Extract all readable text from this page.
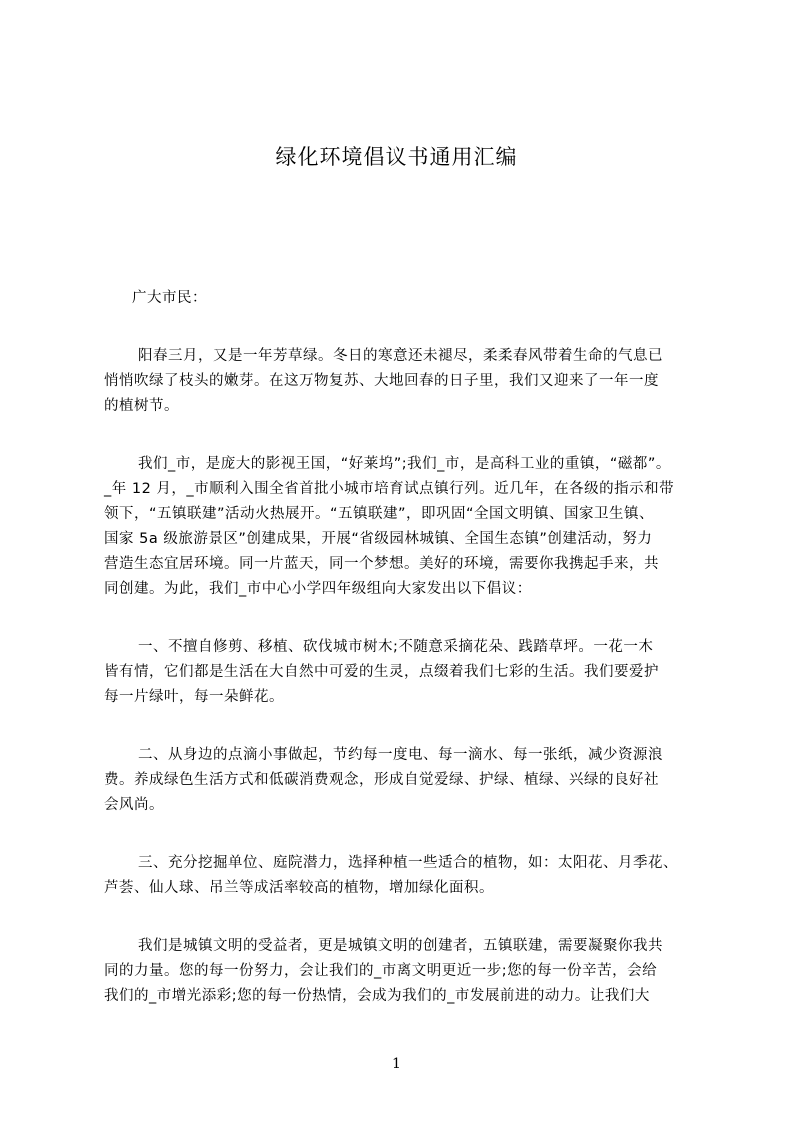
绿化环境倡议书通用汇编

广大市民：

阳春三月，又是一年芳草绿。冬日的寒意还未褪尽，柔柔春风带着生命的气息已
悄悄吹绿了枝头的嫩芽。在这万物复苏、大地回春的日子里，我们又迎来了一年一度
的植树节。

我们_市，是庞大的影视王国，“好莱坞”;我们_市，是高科工业的重镇，“磁都”。
_年 12 月，_市顺利入围全省首批小城市培育试点镇行列。近几年，在各级的指示和带
领下，“五镇联建”活动火热展开。“五镇联建”，即巩固“全国文明镇、国家卫生镇、
国家 5a 级旅游景区”创建成果，开展“省级园林城镇、全国生态镇”创建活动，努力
营造生态宜居环境。同一片蓝天，同一个梦想。美好的环境，需要你我携起手来，共
同创建。为此，我们_市中心小学四年级组向大家发出以下倡议：

一、不擅自修剪、移植、砍伐城市树木;不随意采摘花朵、践踏草坪。一花一木
皆有情，它们都是生活在大自然中可爱的生灵，点缀着我们七彩的生活。我们要爱护
每一片绿叶，每一朵鲜花。

二、从身边的点滴小事做起，节约每一度电、每一滴水、每一张纸，减少资源浪
费。养成绿色生活方式和低碳消费观念，形成自觉爱绿、护绿、植绿、兴绿的良好社
会风尚。

三、充分挖掘单位、庭院潜力，选择种植一些适合的植物，如：太阳花、月季花、
芦荟、仙人球、吊兰等成活率较高的植物，增加绿化面积。

我们是城镇文明的受益者，更是城镇文明的创建者，五镇联建，需要凝聚你我共
同的力量。您的每一份努力，会让我们的_市离文明更近一步;您的每一份辛苦，会给
我们的_市增光添彩;您的每一份热情，会成为我们的_市发展前进的动力。让我们大

1
